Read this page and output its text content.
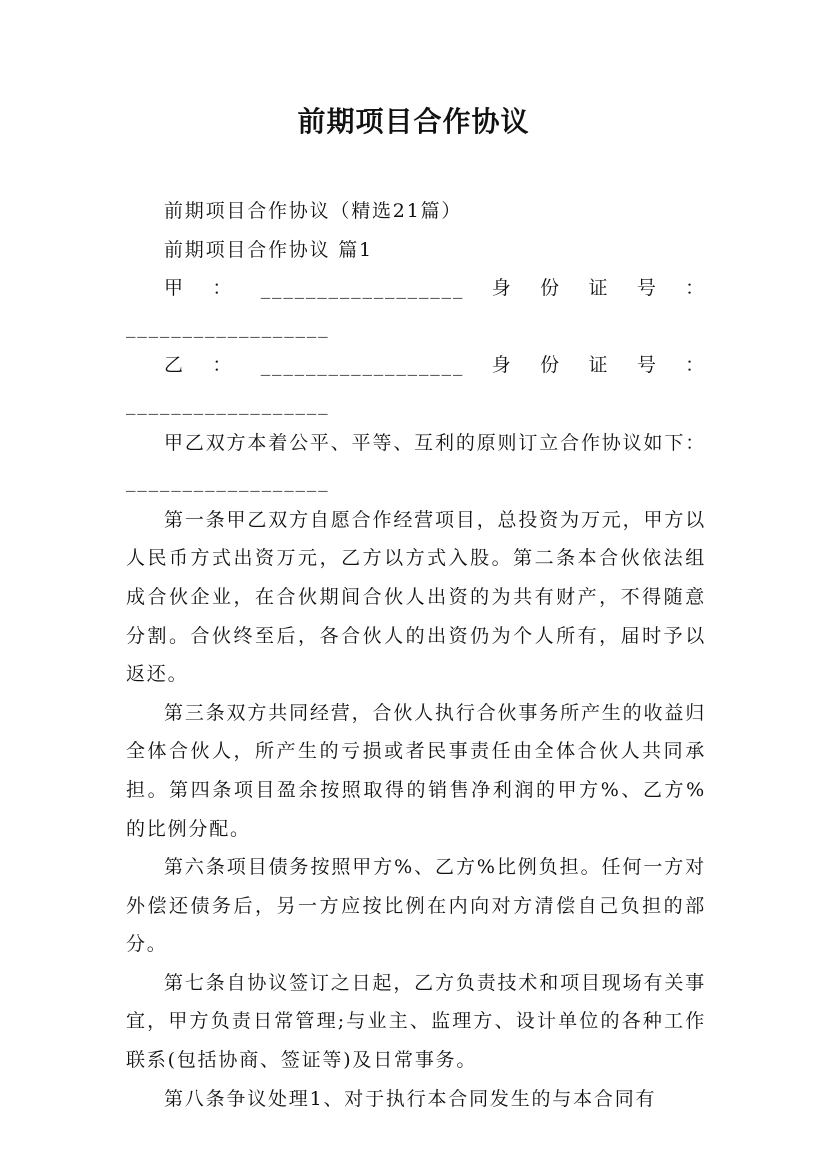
前期项目合作协议

前期项目合作协议（精选21篇）

前期项目合作协议 篇1

甲：__________________身份证号：__________________

乙：__________________身份证号：__________________

甲乙双方本着公平、平等、互利的原则订立合作协议如下：__________________

第一条甲乙双方自愿合作经营项目，总投资为万元，甲方以人民币方式出资万元，乙方以方式入股。第二条本合伙依法组成合伙企业，在合伙期间合伙人出资的为共有财产，不得随意分割。合伙终至后，各合伙人的出资仍为个人所有，届时予以返还。

第三条双方共同经营，合伙人执行合伙事务所产生的收益归全体合伙人，所产生的亏损或者民事责任由全体合伙人共同承担。第四条项目盈余按照取得的销售净利润的甲方%、乙方%的比例分配。

第六条项目债务按照甲方%、乙方%比例负担。任何一方对外偿还债务后，另一方应按比例在内向对方清偿自己负担的部分。

第七条自协议签订之日起，乙方负责技术和项目现场有关事宜，甲方负责日常管理;与业主、监理方、设计单位的各种工作联系(包括协商、签证等)及日常事务。

第八条争议处理1、对于执行本合同发生的与本合同有
